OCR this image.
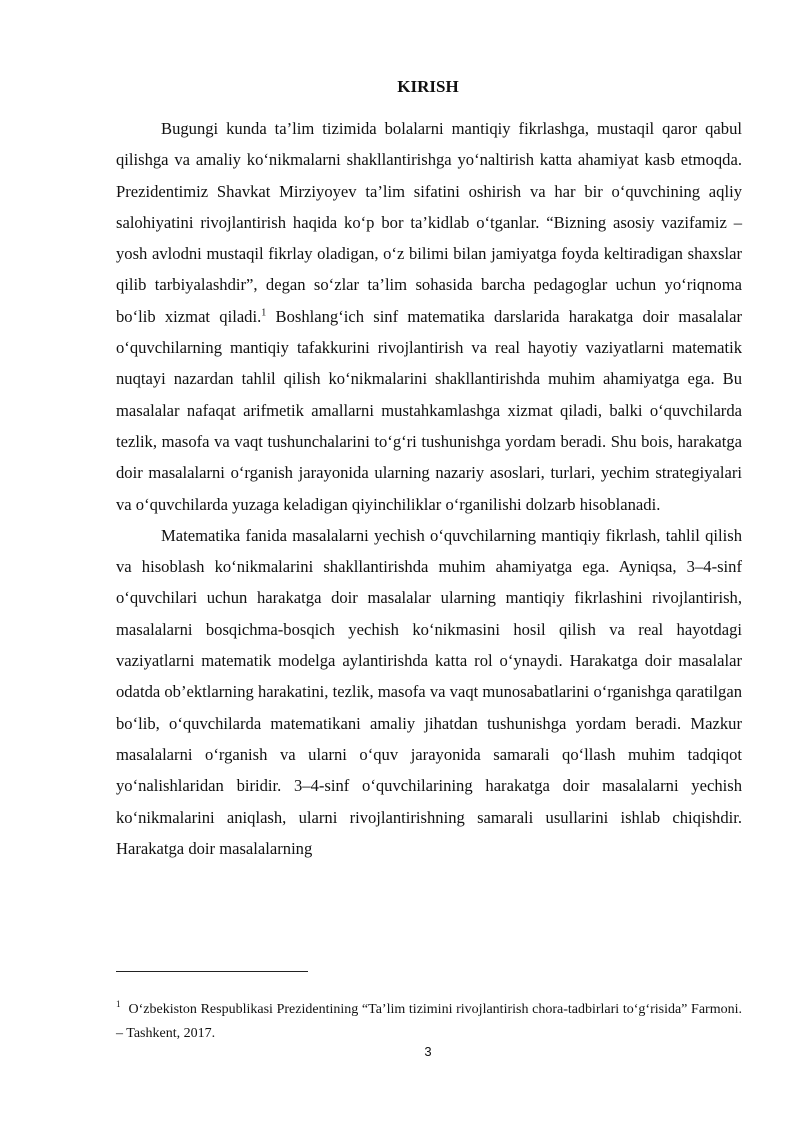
KIRISH

Bugungi kunda ta’lim tizimida bolalarni mantiqiy fikrlashga, mustaqil qaror qabul qilishga va amaliy ko‘nikmalarni shakllantirishga yo‘naltirish katta ahamiyat kasb etmoqda. Prezidentimiz Shavkat Mirziyoyev ta’lim sifatini oshirish va har bir o‘quvchining aqliy salohiyatini rivojlantirish haqida ko‘p bor ta’kidlab o‘tganlar. “Bizning asosiy vazifamiz – yosh avlodni mustaqil fikrlay oladigan, o‘z bilimi bilan jamiyatga foyda keltiradigan shaxslar qilib tarbiyalashdir”, degan so‘zlar ta’lim sohasida barcha pedagoglar uchun yo‘riqnoma bo‘lib xizmat qiladi.$^1$ Boshlang‘ich sinf matematika darslarida harakatga doir masalalar o‘quvchilarning mantiqiy tafakkurini rivojlantirish va real hayotiy vaziyatlarni matematik nuqtayi nazardan tahlil qilish ko‘nikmalarini shakllantirishda muhim ahamiyatga ega. Bu masalalar nafaqat arifmetik amallarni mustahkamlashga xizmat qiladi, balki o‘quvchilarda tezlik, masofa va vaqt tushunchalarini to‘g‘ri tushunishga yordam beradi. Shu bois, harakatga doir masalalarni o‘rganish jarayonida ularning nazariy asoslari, turlari, yechim strategiyalari va o‘quvchilarda yuzaga keladigan qiyinchiliklar o‘rganilishi dolzarb hisoblanadi.

Matematika fanida masalalarni yechish o‘quvchilarning mantiqiy fikrlash, tahlil qilish va hisoblash ko‘nikmalarini shakllantirishda muhim ahamiyatga ega. Ayniqsa, 3–4-sinf o‘quvchilari uchun harakatga doir masalalar ularning mantiqiy fikrlashini rivojlantirish, masalalarni bosqichma-bosqich yechish ko‘nikmasini hosil qilish va real hayotdagi vaziyatlarni matematik modelga aylantirishda katta rol o‘ynaydi. Harakatga doir masalalar odatda ob’ektlarning harakatini, tezlik, masofa va vaqt munosabatlarini o‘rganishga qaratilgan bo‘lib, o‘quvchilarda matematikani amaliy jihatdan tushunishga yordam beradi. Mazkur masalalarni o‘rganish va ularni o‘quv jarayonida samarali qo‘llash muhim tadqiqot yo‘nalishlaridan biridir. 3–4-sinf o‘quvchilarining harakatga doir masalalarni yechish ko‘nikmalarini aniqlash, ularni rivojlantirishning samarali usullarini ishlab chiqishdir. Harakatga doir masalalarning

$^1$ O‘zbekiston Respublikasi Prezidentining “Ta’lim tizimini rivojlantirish chora-tadbirlari to‘g‘risida” Farmoni. – Tashkent, 2017.

3
